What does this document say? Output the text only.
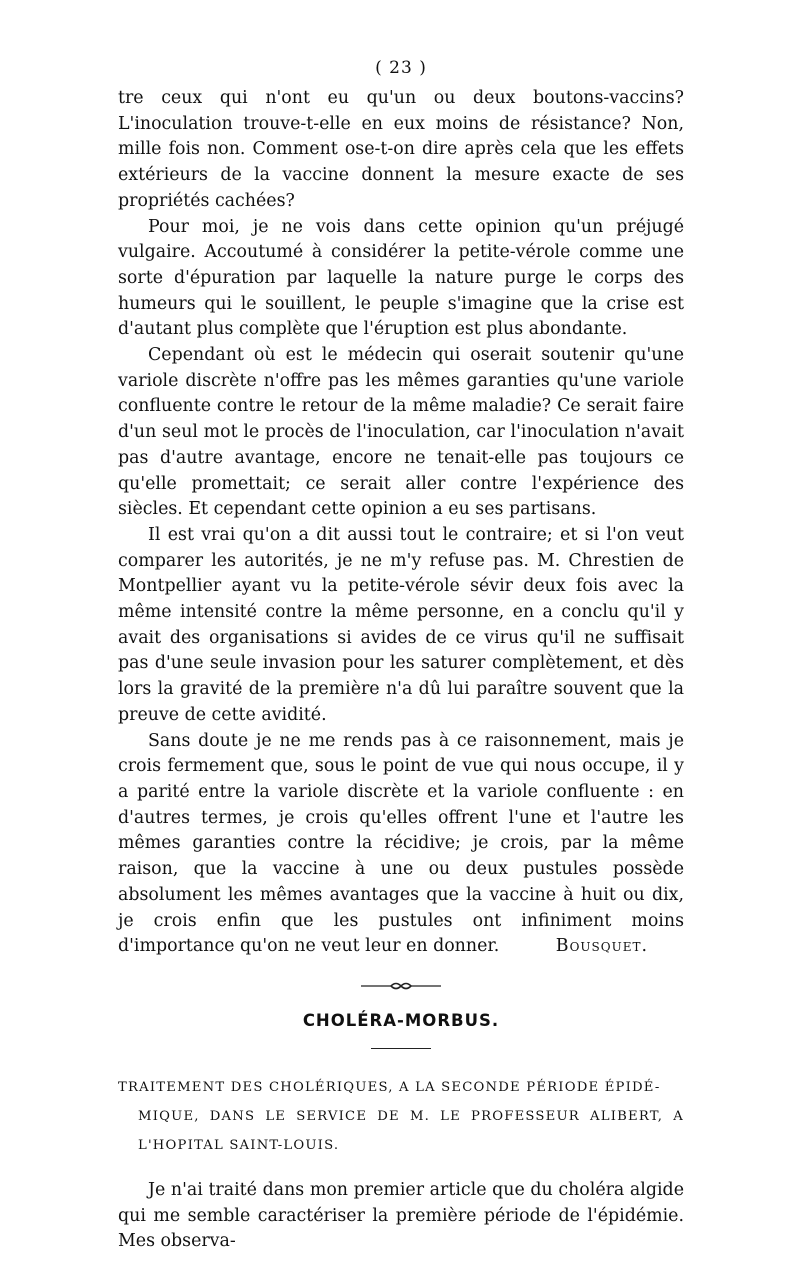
( 23 )

tre ceux qui n'ont eu qu'un ou deux boutons-vaccins? L'inoculation trouve-t-elle en eux moins de résistance? Non, mille fois non. Comment ose-t-on dire après cela que les effets extérieurs de la vaccine donnent la mesure exacte de ses propriétés cachées?

Pour moi, je ne vois dans cette opinion qu'un préjugé vulgaire. Accoutumé à considérer la petite-vérole comme une sorte d'épuration par laquelle la nature purge le corps des humeurs qui le souillent, le peuple s'imagine que la crise est d'autant plus complète que l'éruption est plus abondante.

Cependant où est le médecin qui oserait soutenir qu'une variole discrète n'offre pas les mêmes garanties qu'une variole confluente contre le retour de la même maladie? Ce serait faire d'un seul mot le procès de l'inoculation, car l'inoculation n'avait pas d'autre avantage, encore ne tenait-elle pas toujours ce qu'elle promettait; ce serait aller contre l'expérience des siècles. Et cependant cette opinion a eu ses partisans.

Il est vrai qu'on a dit aussi tout le contraire; et si l'on veut comparer les autorités, je ne m'y refuse pas. M. Chrestien de Montpellier ayant vu la petite-vérole sévir deux fois avec la même intensité contre la même personne, en a conclu qu'il y avait des organisations si avides de ce virus qu'il ne suffisait pas d'une seule invasion pour les saturer complètement, et dès lors la gravité de la première n'a dû lui paraître souvent que la preuve de cette avidité.

Sans doute je ne me rends pas à ce raisonnement, mais je crois fermement que, sous le point de vue qui nous occupe, il y a parité entre la variole discrète et la variole confluente : en d'autres termes, je crois qu'elles offrent l'une et l'autre les mêmes garanties contre la récidive; je crois, par la même raison, que la vaccine à une ou deux pustules possède absolument les mêmes avantages que la vaccine à huit ou dix, je crois enfin que les pustules ont infiniment moins d'importance qu'on ne veut leur en donner.	Bousquet.

CHOLÉRA-MORBUS.
TRAITEMENT DES CHOLÉRIQUES, A LA SECONDE PÉRIODE ÉPIDÉ-
MIQUE, DANS LE SERVICE DE M. LE PROFESSEUR ALIBERT, A L'HOPITAL SAINT-LOUIS.

Je n'ai traité dans mon premier article que du choléra algide qui me semble caractériser la première période de l'épidémie. Mes observa-
